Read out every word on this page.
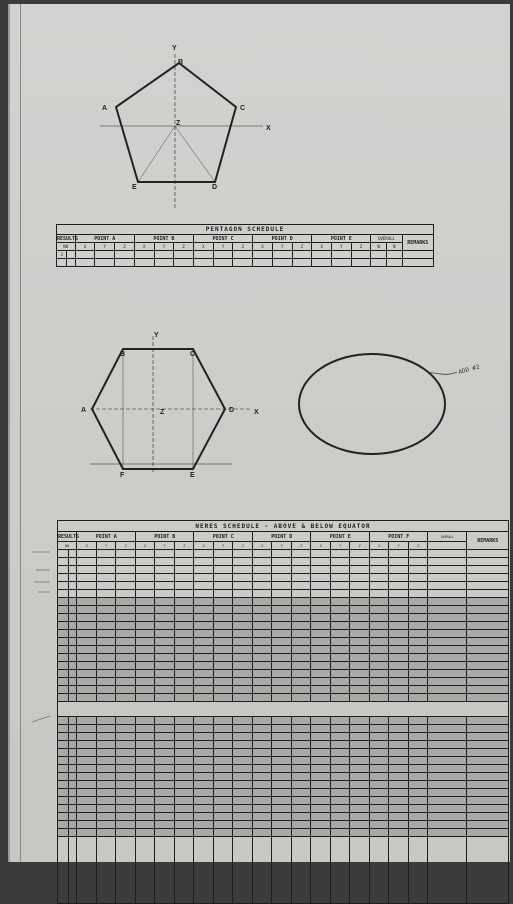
Y
B
C
A
D
E
X
Z
Y
B	C
A	D
Z	X
F	E
ADD #2
PENTAGON SCHEDULE																			
RESULTS		POINT A			POINT B			POINT C			POINT D			POINT E			OVERALL		REMARKS
NO		X	Y	Z	X	Y	Z	X	Y	Z	X	Y	Z	X	Y	Z	W	N	
3																			

NERES SCHEDULE - ABOVE & BELOW EQUATOR																					
RESULTS		POINT A			POINT B			POINT C			POINT D			POINT E			POINT F			OVERALL	REMARKS
NO		X	Y	Z	X	Y	Z	X	Y	Z	X	Y	Z	X	Y	Z	X	Y	Z		
